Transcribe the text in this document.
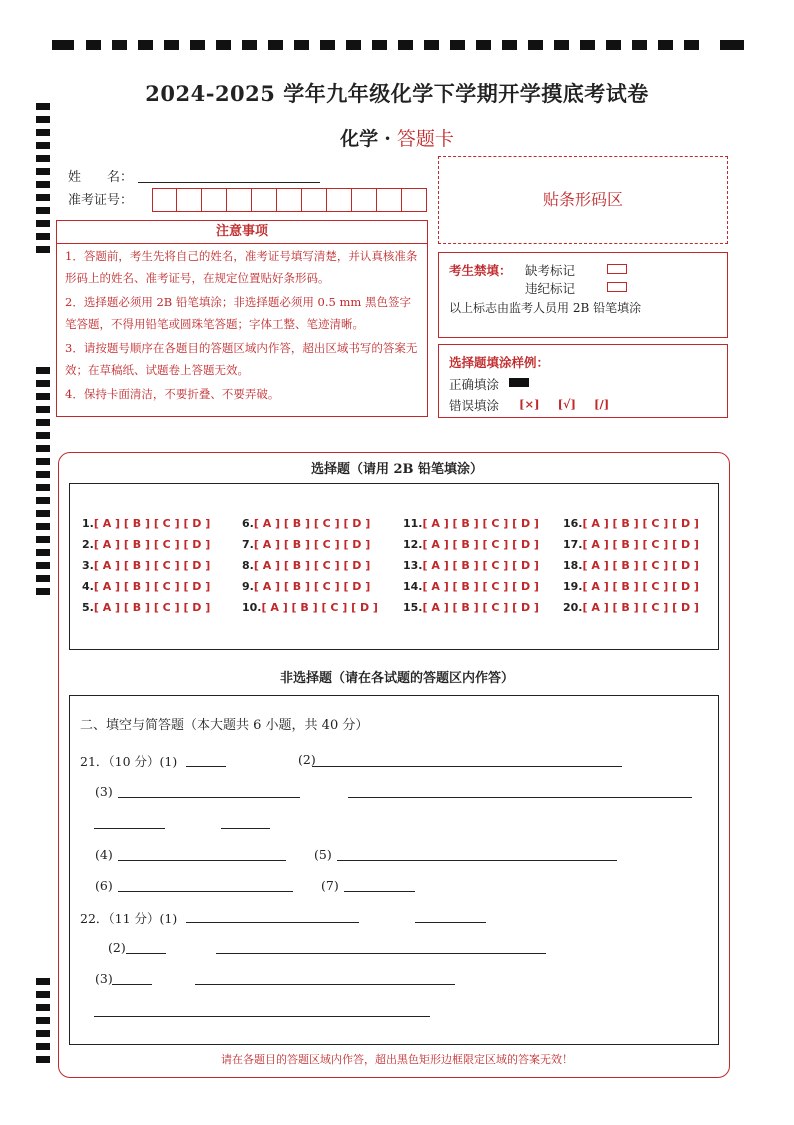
2024-2025 学年九年级化学下学期开学摸底考试卷
化学 · 答题卡
姓　　名：
准考证号：	贴条形码区
注意事项
1．答题前，考生先将自己的姓名，准考证号填写清楚，并认真核准条形码上的姓名、准考证号，在规定位置贴好条形码。
2．选择题必须用 2B 铅笔填涂；非选择题必须用 0.5 mm 黑色签字笔答题，不得用铅笔或圆珠笔答题；字体工整、笔迹清晰。
3．请按题号顺序在各题目的答题区域内作答，超出区域书写的答案无效；在草稿纸、试题卷上答题无效。
4．保持卡面清洁，不要折叠、不要弄破。
考生禁填： 缺考标记
违纪标记
以上标志由监考人员用 2B 铅笔填涂
选择题填涂样例：
正确填涂
错误填涂 [×] [√] [/]
选择题（请用 2B 铅笔填涂）
1.[ A ] [ B ] [ C ] [ D ]
2.[ A ] [ B ] [ C ] [ D ]
3.[ A ] [ B ] [ C ] [ D ]
4.[ A ] [ B ] [ C ] [ D ]
5.[ A ] [ B ] [ C ] [ D ]
6.[ A ] [ B ] [ C ] [ D ]
7.[ A ] [ B ] [ C ] [ D ]
8.[ A ] [ B ] [ C ] [ D ]
9.[ A ] [ B ] [ C ] [ D ]
10.[ A ] [ B ] [ C ] [ D ]
11.[ A ] [ B ] [ C ] [ D ]
12.[ A ] [ B ] [ C ] [ D ]
13.[ A ] [ B ] [ C ] [ D ]
14.[ A ] [ B ] [ C ] [ D ]
15.[ A ] [ B ] [ C ] [ D ]
16.[ A ] [ B ] [ C ] [ D ]
17.[ A ] [ B ] [ C ] [ D ]
18.[ A ] [ B ] [ C ] [ D ]
19.[ A ] [ B ] [ C ] [ D ]
20.[ A ] [ B ] [ C ] [ D ]
非选择题（请在各试题的答题区内作答）
二、填空与简答题（本大题共 6 小题，共 40 分）
21．（10 分）(1)	(2)
(3)
(4)	(5)
(6)	(7)
22．（11 分）(1)
(2)
(3)
请在各题目的答题区域内作答，超出黑色矩形边框限定区域的答案无效！
